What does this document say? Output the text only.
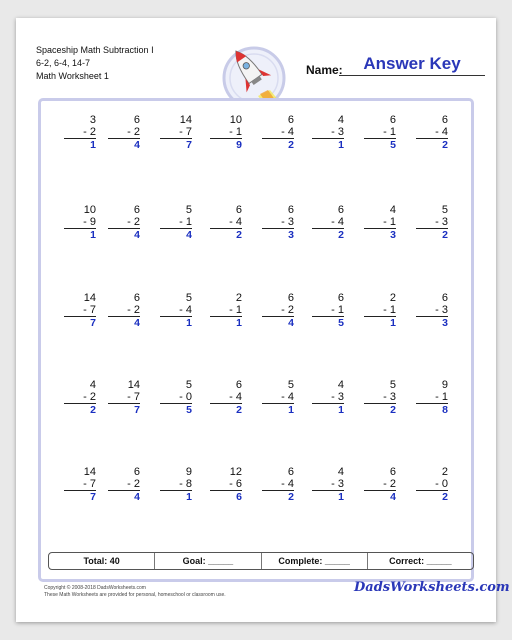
Spaceship Math Subtraction I
6-2, 6-4, 14-7
Math Worksheet 1	Name:	Answer Key
3
- 2
1
6
- 2
4
14
- 7
7
10
- 1
9
6
- 4
2
4
- 3
1
6
- 1
5
6
- 4
2
10
- 9
1
6
- 2
4
5
- 1
4
6
- 4
2
6
- 3
3
6
- 4
2
4
- 1
3
5
- 3
2
14
- 7
7
6
- 2
4
5
- 4
1
2
- 1
1
6
- 2
4
6
- 1
5
2
- 1
1
6
- 3
3
4
- 2
2
14
- 7
7
5
- 0
5
6
- 4
2
5
- 4
1
4
- 3
1
5
- 3
2
9
- 1
8
14
- 7
7
6
- 2
4
9
- 8
1
12
- 6
6
6
- 4
2
4
- 3
1
6
- 2
4
2
- 0
2
Total: 40	Goal: _____	Complete: _____	Correct: _____
Copyright © 2008-2018 DadsWorksheets.com
These Math Worksheets are provided for personal, homeschool or classroom use.	DadsWorksheets.com
